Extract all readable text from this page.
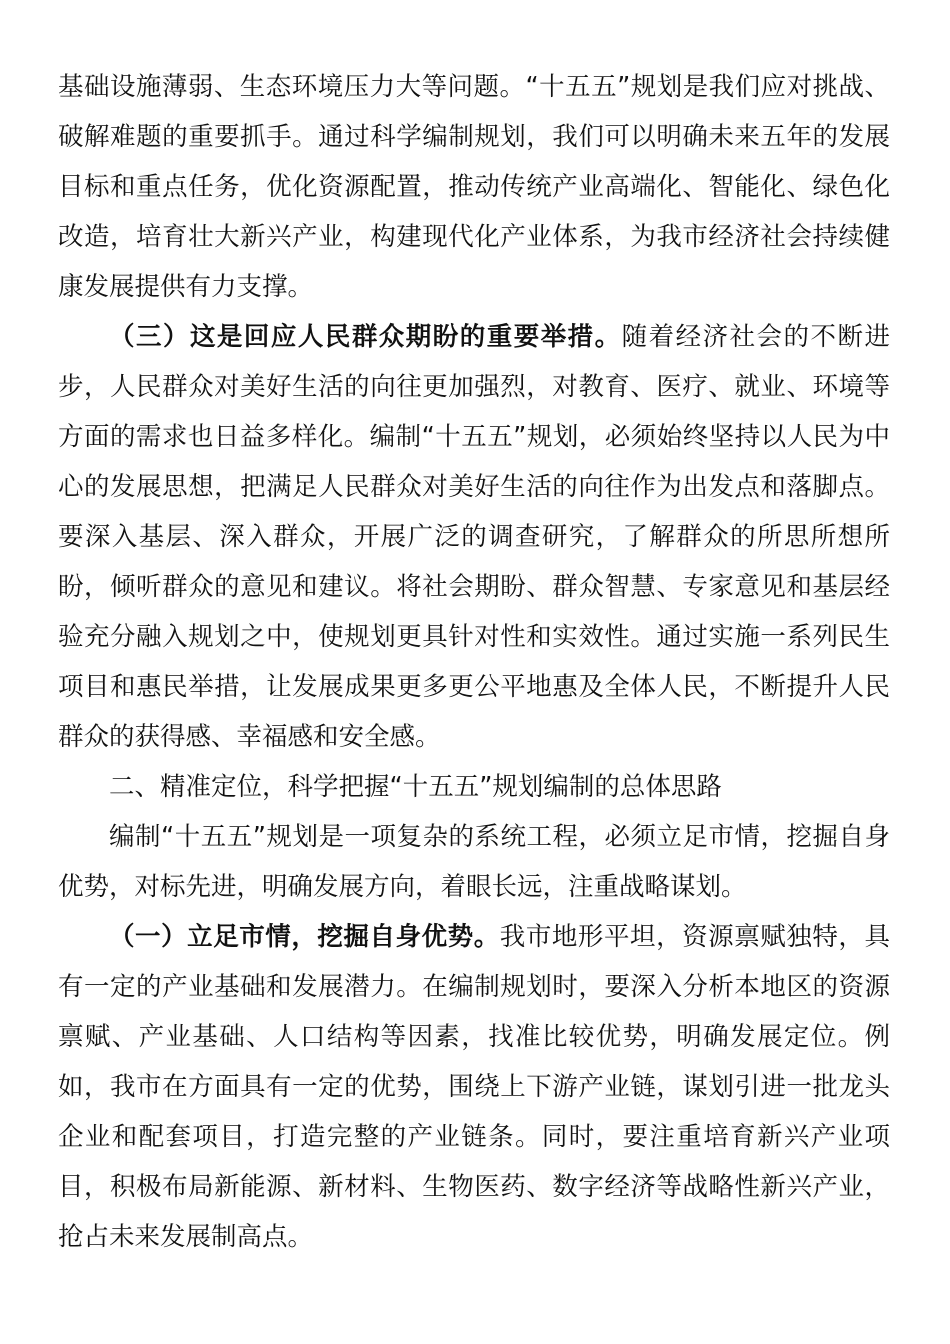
基础设施薄弱、生态环境压力大等问题。“十五五”规划是我们应对挑战、破解难题的重要抓手。通过科学编制规划，我们可以明确未来五年的发展目标和重点任务，优化资源配置，推动传统产业高端化、智能化、绿色化改造，培育壮大新兴产业，构建现代化产业体系，为我市经济社会持续健康发展提供有力支撑。

（三）这是回应人民群众期盼的重要举措。随着经济社会的不断进步，人民群众对美好生活的向往更加强烈，对教育、医疗、就业、环境等方面的需求也日益多样化。编制“十五五”规划，必须始终坚持以人民为中心的发展思想，把满足人民群众对美好生活的向往作为出发点和落脚点。要深入基层、深入群众，开展广泛的调查研究，了解群众的所思所想所盼，倾听群众的意见和建议。将社会期盼、群众智慧、专家意见和基层经验充分融入规划之中，使规划更具针对性和实效性。通过实施一系列民生项目和惠民举措，让发展成果更多更公平地惠及全体人民，不断提升人民群众的获得感、幸福感和安全感。

二、精准定位，科学把握“十五五”规划编制的总体思路

编制“十五五”规划是一项复杂的系统工程，必须立足市情，挖掘自身优势，对标先进，明确发展方向，着眼长远，注重战略谋划。

（一）立足市情，挖掘自身优势。我市地形平坦，资源禀赋独特，具有一定的产业基础和发展潜力。在编制规划时，要深入分析本地区的资源禀赋、产业基础、人口结构等因素，找准比较优势，明确发展定位。例如，我市在方面具有一定的优势，围绕上下游产业链，谋划引进一批龙头企业和配套项目，打造完整的产业链条。同时，要注重培育新兴产业项目，积极布局新能源、新材料、生物医药、数字经济等战略性新兴产业，抢占未来发展制高点。
